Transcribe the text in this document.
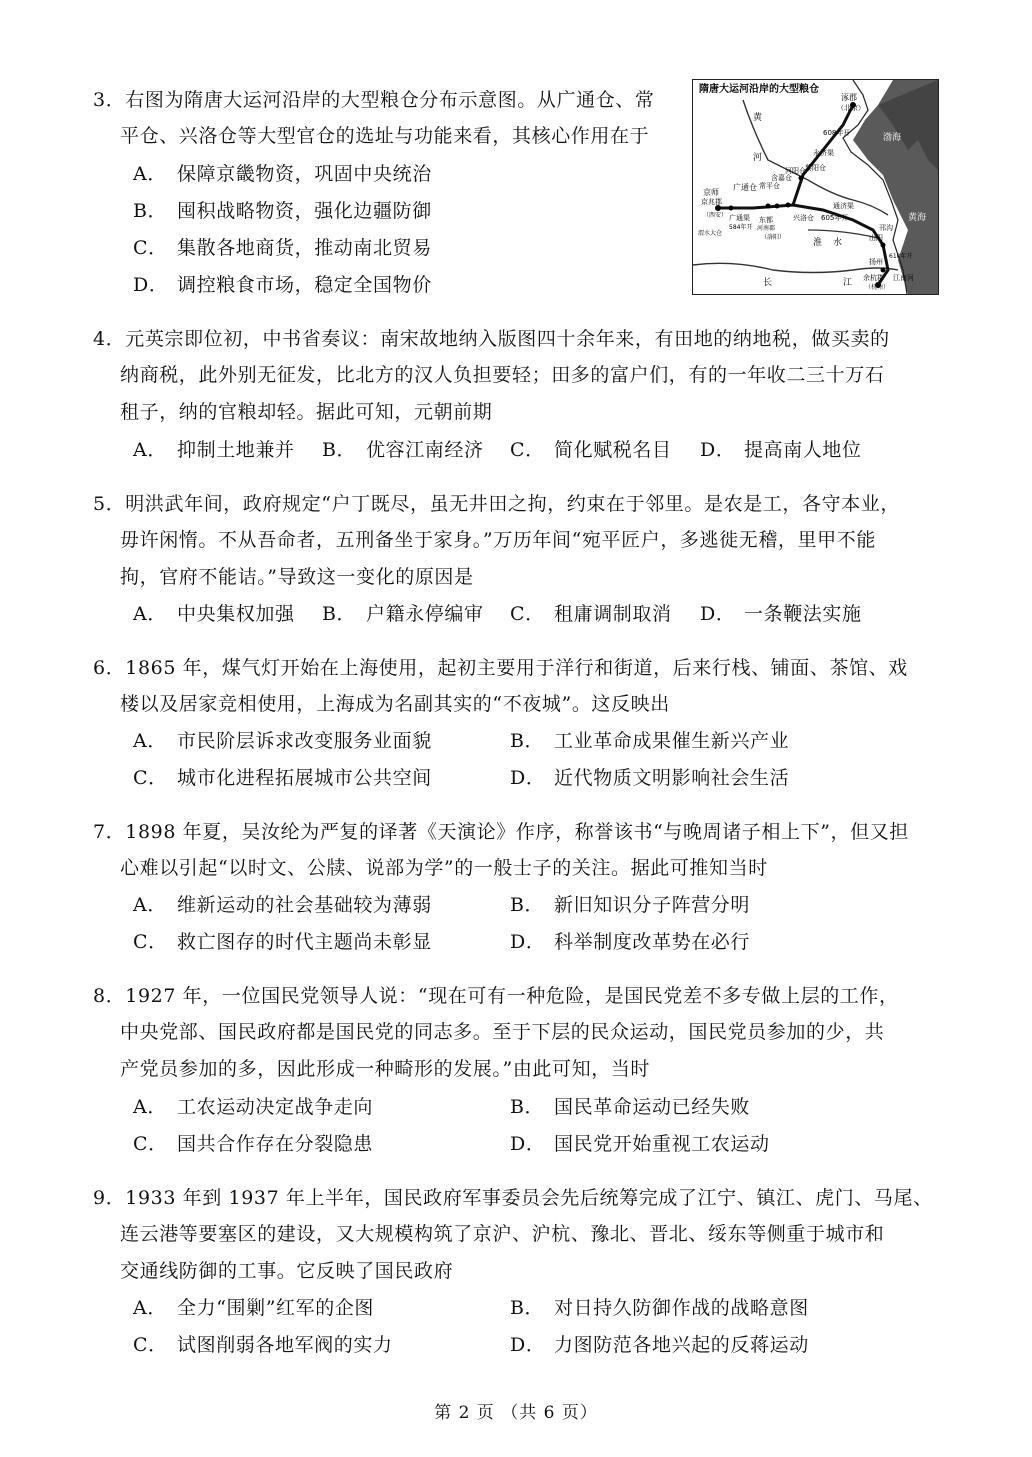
3．右图为隋唐大运河沿岸的大型粮仓分布示意图。从广通仓、常
平仓、兴洛仓等大型官仓的选址与功能来看，其核心作用在于
A． 保障京畿物资，巩固中央统治
B． 囤积战略物资，强化边疆防御
C． 集散各地商货，推动南北贸易
D． 调控粮食市场，稳定全国物价
隋唐大运河沿岸的大型粮仓
涿郡
（北京）
京师
京兆郡
（西安）
广通仓
广通渠
584年开
渭水大仓
常平仓
含嘉仓
河阳仓 黎阳仓
东都
河南郡
（洛阳）
兴洛仓 605年开
608年开
610年开
山阳
扬州
余杭郡
（杭州）
永济渠
通济渠
邗沟
江南河
黄
河
淮 水
长	江
渤海
黄海
4．元英宗即位初，中书省奏议：南宋故地纳入版图四十余年来，有田地的纳地税，做买卖的
纳商税，此外别无征发，比北方的汉人负担要轻；田多的富户们，有的一年收二三十万石
租子，纳的官粮却轻。据此可知，元朝前期
A． 抑制土地兼并 B． 优容江南经济 C． 简化赋税名目 D． 提高南人地位
5．明洪武年间，政府规定“户丁既尽，虽无井田之拘，约束在于邻里。是农是工，各守本业，
毋许闲惰。不从吾命者，五刑备坐于家身。”万历年间“宛平匠户，多逃徙无稽，里甲不能
拘，官府不能诘。”导致这一变化的原因是
A． 中央集权加强 B． 户籍永停编审 C． 租庸调制取消 D． 一条鞭法实施
6．1865 年，煤气灯开始在上海使用，起初主要用于洋行和街道，后来行栈、铺面、茶馆、戏
楼以及居家竞相使用，上海成为名副其实的“不夜城”。这反映出
A． 市民阶层诉求改变服务业面貌	B． 工业革命成果催生新兴产业
C． 城市化进程拓展城市公共空间	D． 近代物质文明影响社会生活
7．1898 年夏，吴汝纶为严复的译著《天演论》作序，称誉该书“与晚周诸子相上下”，但又担
心难以引起“以时文、公牍、说部为学”的一般士子的关注。据此可推知当时
A． 维新运动的社会基础较为薄弱	B． 新旧知识分子阵营分明
C． 救亡图存的时代主题尚未彰显	D． 科举制度改革势在必行
8．1927 年，一位国民党领导人说：“现在可有一种危险，是国民党差不多专做上层的工作，
中央党部、国民政府都是国民党的同志多。至于下层的民众运动，国民党员参加的少，共
产党员参加的多，因此形成一种畸形的发展。”由此可知，当时
A． 工农运动决定战争走向	B． 国民革命运动已经失败
C． 国共合作存在分裂隐患	D． 国民党开始重视工农运动
9．1933 年到 1937 年上半年，国民政府军事委员会先后统筹完成了江宁、镇江、虎门、马尾、
连云港等要塞区的建设，又大规模构筑了京沪、沪杭、豫北、晋北、绥东等侧重于城市和
交通线防御的工事。它反映了国民政府
A． 全力“围剿”红军的企图	B． 对日持久防御作战的战略意图
C． 试图削弱各地军阀的实力	D． 力图防范各地兴起的反蒋运动
第 2 页 （共 6 页）
